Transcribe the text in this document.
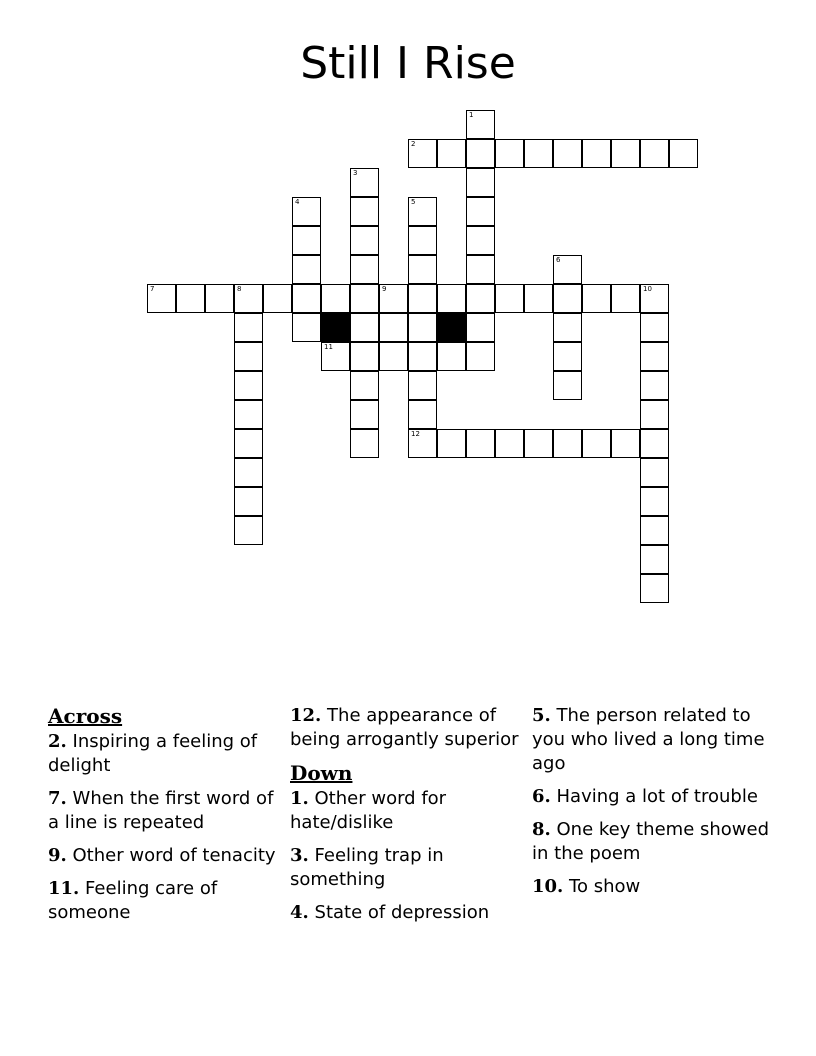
Still I Rise
1
2
3
4	5
6
7	8	9	10
11
12
Across
2. Inspiring a feeling of delight
7. When the first word of a line is repeated
9. Other word of tenacity
11. Feeling care of someone
12. The appearance of being arrogantly superior
Down
1. Other word for hate/dislike
3. Feeling trap in something
4. State of depression
5. The person related to you who lived a long time ago
6. Having a lot of trouble
8. One key theme showed in the poem
10. To show
